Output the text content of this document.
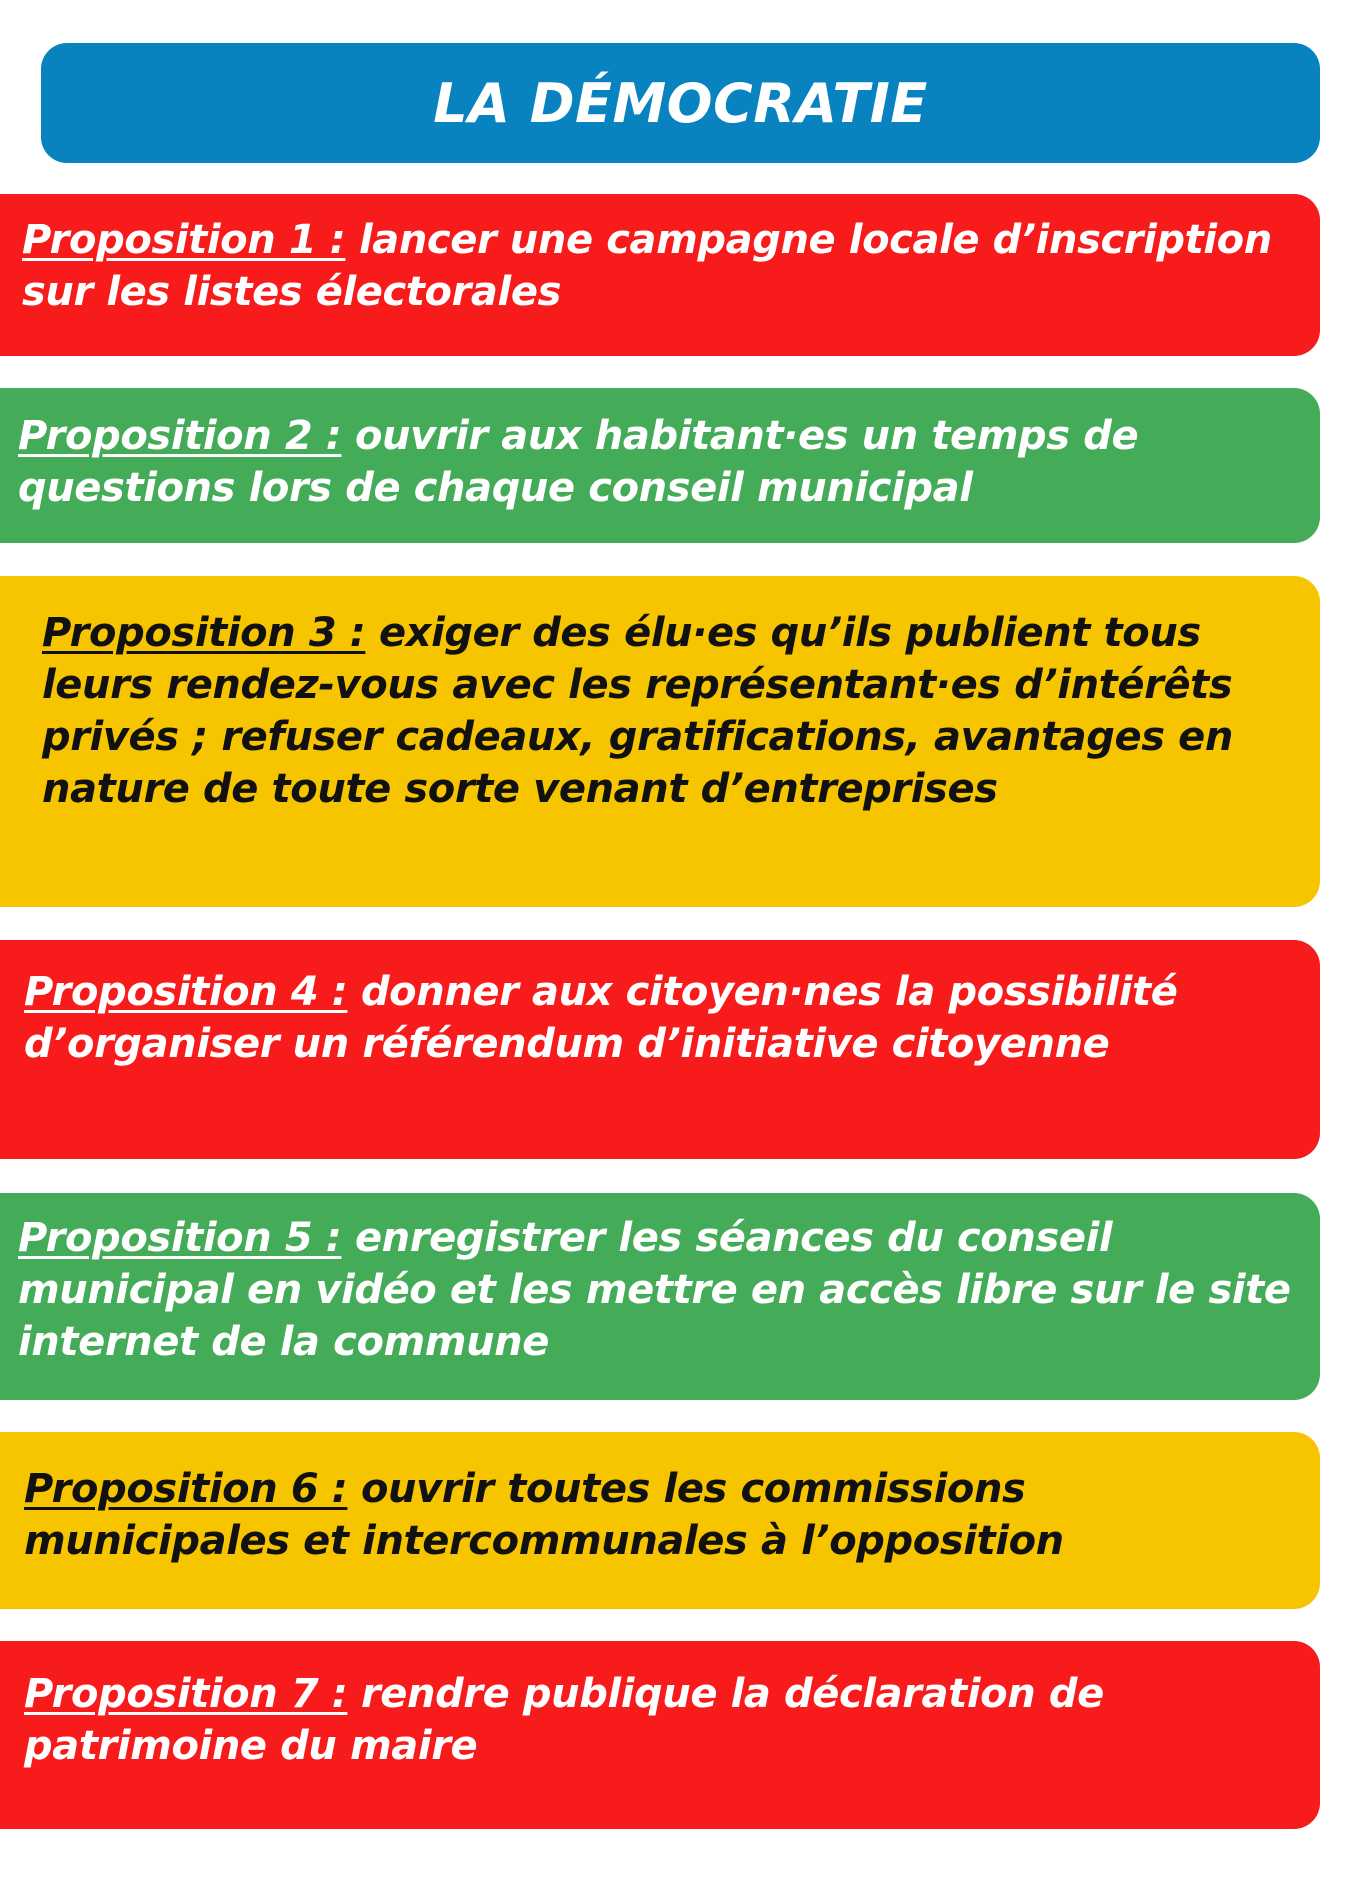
LA DÉMOCRATIE

Proposition 1 : lancer une campagne locale d’inscription sur les listes électorales

Proposition 2 : ouvrir aux habitant·es un temps de questions lors de chaque conseil municipal

Proposition 3 : exiger des élu·es qu’ils publient tous leurs rendez-vous avec les représentant·es d’intérêts privés ; refuser cadeaux, gratifications, avantages en nature de toute sorte venant d’entreprises

Proposition 4 : donner aux citoyen·nes la possibilité d’organiser un référendum d’initiative citoyenne

Proposition 5 : enregistrer les séances du conseil municipal en vidéo et les mettre en accès libre sur le site internet de la commune

Proposition 6 : ouvrir toutes les commissions municipales et intercommunales à l’opposition

Proposition 7 : rendre publique la déclaration de patrimoine du maire
